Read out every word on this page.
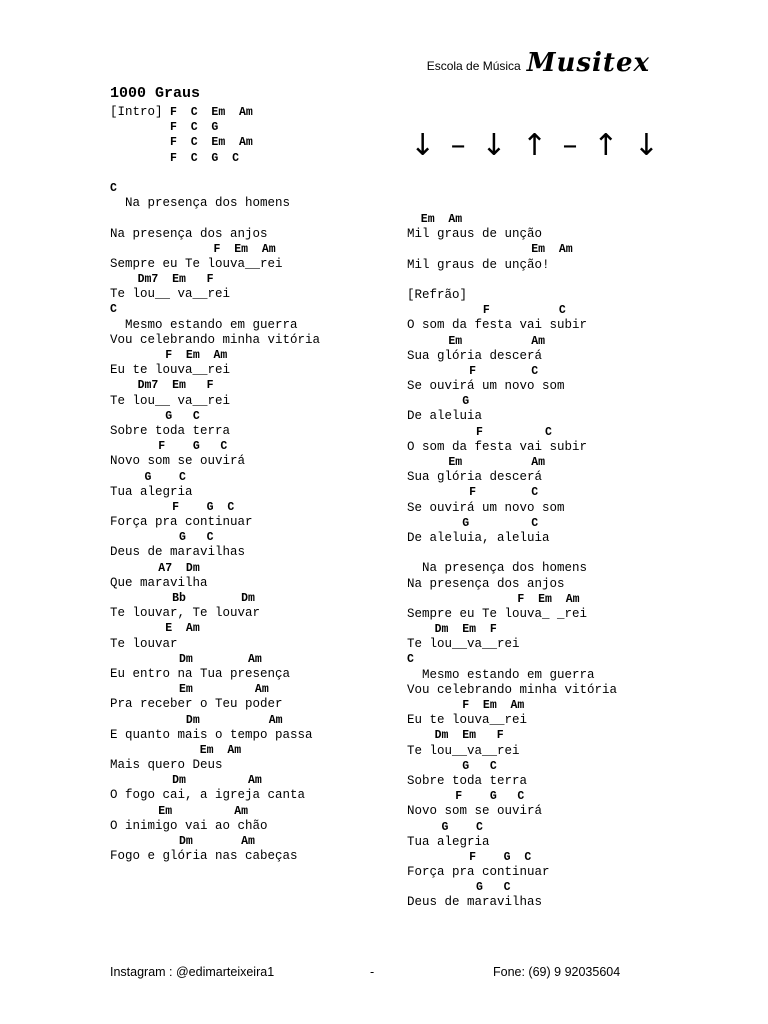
Escola de Música Musitex
1000 Graus
↓ – ↓ ↑ – ↑ ↓
[Intro] F  C  Em  Am
F  C  G
F  C  Em  Am
F  C  G  C
C
Na presença dos homens
Na presença dos anjos
F  Em  Am
Sempre eu Te louva__rei
Dm7  Em   F
Te lou__ va__rei
C
Mesmo estando em guerra
Vou celebrando minha vitória
F  Em  Am
Eu te louva__rei
Dm7  Em   F
Te lou__ va__rei
G   C
Sobre toda terra
F    G   C
Novo som se ouvirá
G    C
Tua alegria
F    G  C
Força pra continuar
G   C
Deus de maravilhas
A7  Dm
Que maravilha
Bb        Dm
Te louvar, Te louvar
E  Am
Te louvar
Dm        Am
Eu entro na Tua presença
Em         Am
Pra receber o Teu poder
Dm          Am
E quanto mais o tempo passa
Em  Am
Mais quero Deus
Dm         Am
O fogo cai, a igreja canta
Em         Am
O inimigo vai ao chão
Dm       Am
Fogo e glória nas cabeças
Em  Am
Mil graus de unção
Em  Am
Mil graus de unção!
[Refrão]
F          C
O som da festa vai subir
Em          Am
Sua glória descerá
F        C
Se ouvirá um novo som
G
De aleluia
F         C
O som da festa vai subir
Em          Am
Sua glória descerá
F        C
Se ouvirá um novo som
G         C
De aleluia, aleluia
Na presença dos homens
Na presença dos anjos
F  Em  Am
Sempre eu Te louva_ _rei
Dm  Em  F
Te lou__va__rei
C
Mesmo estando em guerra
Vou celebrando minha vitória
F  Em  Am
Eu te louva__rei
Dm  Em   F
Te lou__va__rei
G   C
Sobre toda terra
F    G   C
Novo som se ouvirá
G    C
Tua alegria
F    G  C
Força pra continuar
G   C
Deus de maravilhas
Instagram : @edimarteixeira1	-	Fone: (69) 9 92035604
